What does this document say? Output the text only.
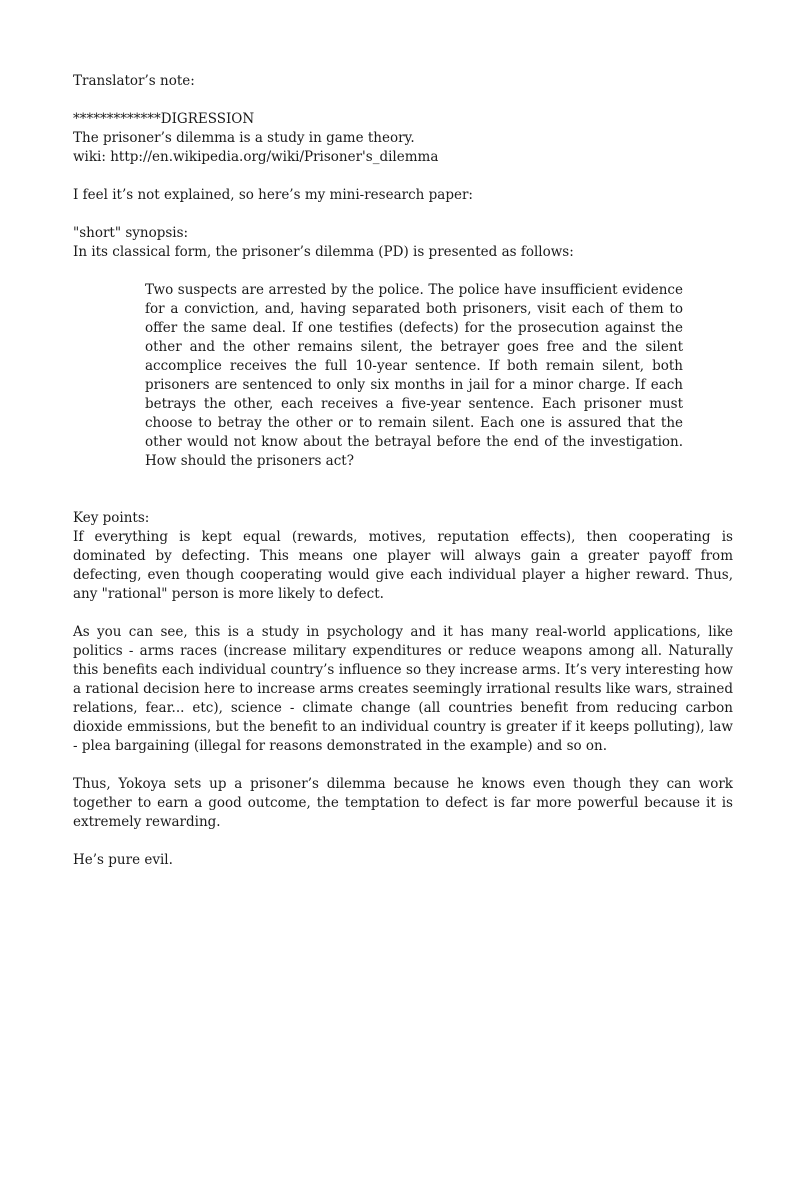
Translator’s note:

*************DIGRESSION

The prisoner’s dilemma is a study in game theory.

wiki: http://en.wikipedia.org/wiki/Prisoner's_dilemma

I feel it’s not explained, so here’s my mini-research paper:

"short" synopsis:

In its classical form, the prisoner’s dilemma (PD) is presented as follows:

Two suspects are arrested by the police. The police have insufficient evidence for a conviction, and, having separated both prisoners, visit each of them to offer the same deal. If one testifies (defects) for the prosecution against the other and the other remains silent, the betrayer goes free and the silent accomplice receives the full 10-year sentence. If both remain silent, both prisoners are sentenced to only six months in jail for a minor charge. If each betrays the other, each receives a five-year sentence. Each prisoner must choose to betray the other or to remain silent. Each one is assured that the other would not know about the betrayal before the end of the investigation. How should the prisoners act?

Key points:

If everything is kept equal (rewards, motives, reputation effects), then cooperating is dominated by defecting. This means one player will always gain a greater payoff from defecting, even though cooperating would give each individual player a higher reward. Thus, any "rational" person is more likely to defect.

As you can see, this is a study in psychology and it has many real-world applications, like politics - arms races (increase military expenditures or reduce weapons among all. Naturally this benefits each individual country’s influence so they increase arms. It’s very interesting how a rational decision here to increase arms creates seemingly irrational results like wars, strained relations, fear... etc), science - climate change (all countries benefit from reducing carbon dioxide emmissions, but the benefit to an individual country is greater if it keeps polluting), law - plea bargaining (illegal for reasons demonstrated in the example) and so on.

Thus, Yokoya sets up a prisoner’s dilemma because he knows even though they can work together to earn a good outcome, the temptation to defect is far more powerful because it is extremely rewarding.

He’s pure evil.
